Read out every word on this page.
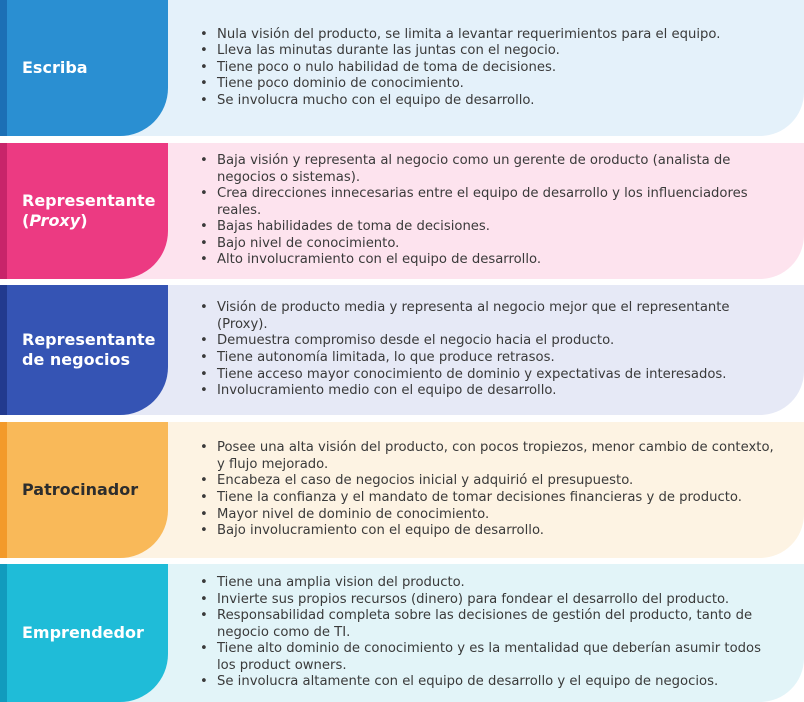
Escriba
• Nula visión del producto, se limita a levantar requerimientos para el equipo.
• Lleva las minutas durante las juntas con el negocio.
• Tiene poco o nulo habilidad de toma de decisiones.
• Tiene poco dominio de conocimiento.
• Se involucra mucho con el equipo de desarrollo.
Representante
(Proxy)
• Baja visión y representa al negocio como un gerente de oroducto (analista de negocios o sistemas).
• Crea direcciones innecesarias entre el equipo de desarrollo y los influenciadores reales.
• Bajas habilidades de toma de decisiones.
• Bajo nivel de conocimiento.
• Alto involucramiento con el equipo de desarrollo.
Representante
de negocios
• Visión de producto media y representa al negocio mejor que el representante (Proxy).
• Demuestra compromiso desde el negocio hacia el producto.
• Tiene autonomía limitada, lo que produce retrasos.
• Tiene acceso mayor conocimiento de dominio y expectativas de interesados.
• Involucramiento medio con el equipo de desarrollo.
Patrocinador
• Posee una alta visión del producto, con pocos tropiezos, menor cambio de contexto, y flujo mejorado.
• Encabeza el caso de negocios inicial y adquirió el presupuesto.
• Tiene la confianza y el mandato de tomar decisiones financieras y de producto.
• Mayor nivel de dominio de conocimiento.
• Bajo involucramiento con el equipo de desarrollo.
Emprendedor
• Tiene una amplia vision del producto.
• Invierte sus propios recursos (dinero) para fondear el desarrollo del producto.
• Responsabilidad completa sobre las decisiones de gestión del producto, tanto de negocio como de TI.
• Tiene alto dominio de conocimiento y es la mentalidad que deberían asumir todos los product owners.
• Se involucra altamente con el equipo de desarrollo y el equipo de negocios.
